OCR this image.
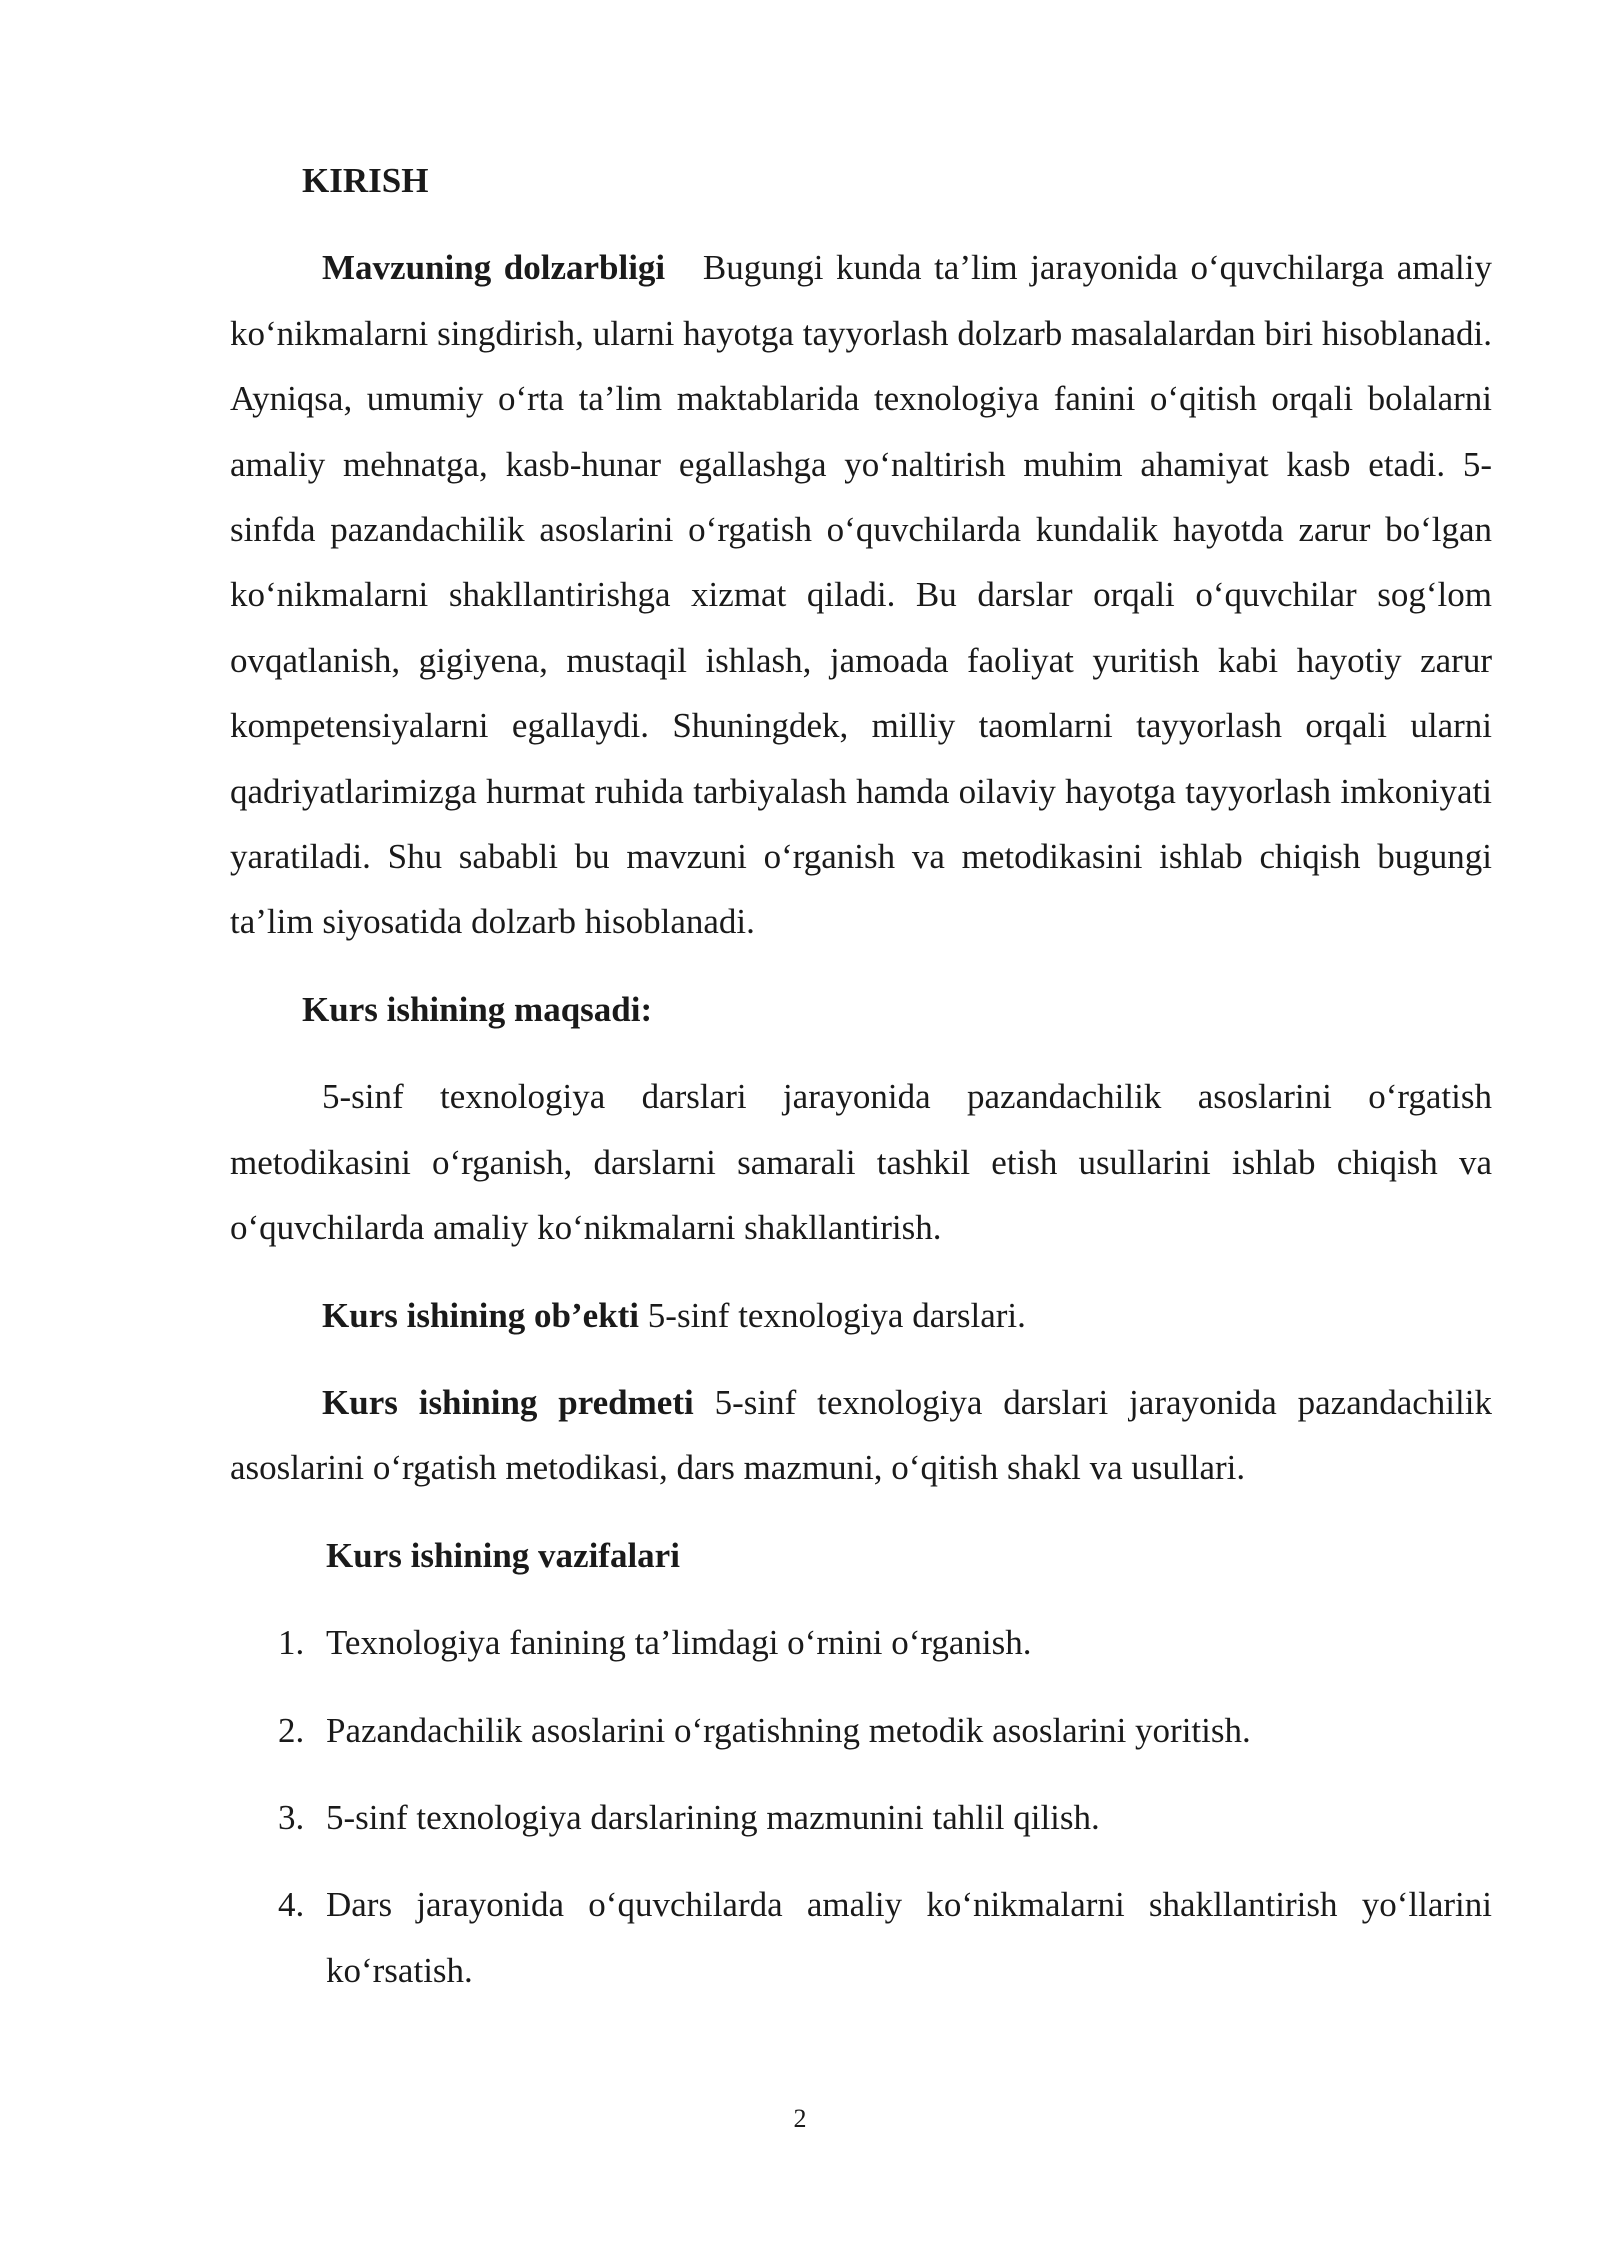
KIRISH

Mavzuning dolzarbligi Bugungi kunda ta’lim jarayonida o‘quvchilarga amaliy ko‘nikmalarni singdirish, ularni hayotga tayyorlash dolzarb masalalardan biri hisoblanadi. Ayniqsa, umumiy o‘rta ta’lim maktablarida texnologiya fanini o‘qitish orqali bolalarni amaliy mehnatga, kasb-hunar egallashga yo‘naltirish muhim ahamiyat kasb etadi. 5-sinfda pazandachilik asoslarini o‘rgatish o‘quvchilarda kundalik hayotda zarur bo‘lgan ko‘nikmalarni shakllantirishga xizmat qiladi. Bu darslar orqali o‘quvchilar sog‘lom ovqatlanish, gigiyena, mustaqil ishlash, jamoada faoliyat yuritish kabi hayotiy zarur kompetensiyalarni egallaydi. Shuningdek, milliy taomlarni tayyorlash orqali ularni qadriyatlarimizga hurmat ruhida tarbiyalash hamda oilaviy hayotga tayyorlash imkoniyati yaratiladi. Shu sababli bu mavzuni o‘rganish va metodikasini ishlab chiqish bugungi ta’lim siyosatida dolzarb hisoblanadi.

Kurs ishining maqsadi:

5-sinf texnologiya darslari jarayonida pazandachilik asoslarini o‘rgatish metodikasini o‘rganish, darslarni samarali tashkil etish usullarini ishlab chiqish va o‘quvchilarda amaliy ko‘nikmalarni shakllantirish.

Kurs ishining ob’ekti 5-sinf texnologiya darslari.

Kurs ishining predmeti 5-sinf texnologiya darslari jarayonida pazandachilik asoslarini o‘rgatish metodikasi, dars mazmuni, o‘qitish shakl va usullari.

Kurs ishining vazifalari
1. Texnologiya fanining ta’limdagi o‘rnini o‘rganish.
2. Pazandachilik asoslarini o‘rgatishning metodik asoslarini yoritish.
3. 5-sinf texnologiya darslarining mazmunini tahlil qilish.
4. Dars jarayonida o‘quvchilarda amaliy ko‘nikmalarni shakllantirish yo‘llarini ko‘rsatish.
2
